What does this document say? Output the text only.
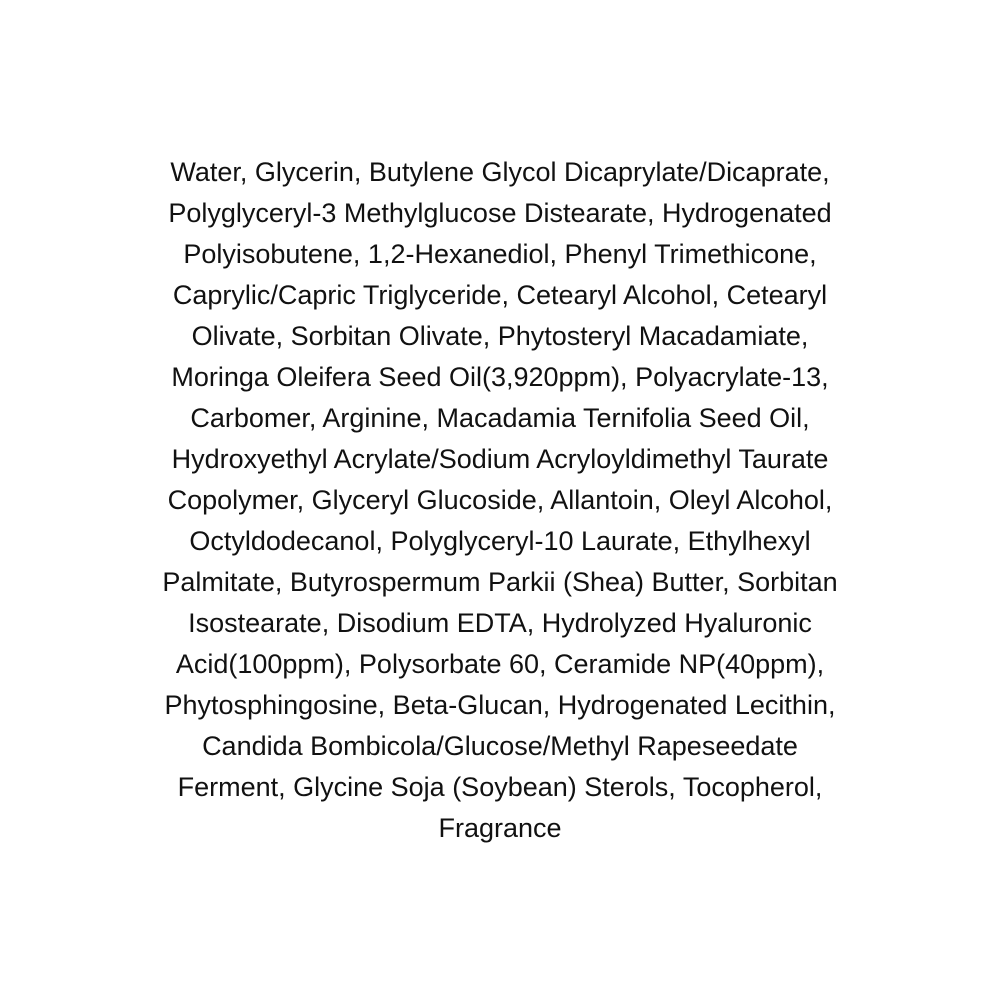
Water, Glycerin, Butylene Glycol Dicaprylate/Dicaprate,
Polyglyceryl-3 Methylglucose Distearate, Hydrogenated
Polyisobutene, 1,2-Hexanediol, Phenyl Trimethicone,
Caprylic/Capric Triglyceride, Cetearyl Alcohol, Cetearyl
Olivate, Sorbitan Olivate, Phytosteryl Macadamiate,
Moringa Oleifera Seed Oil(3,920ppm), Polyacrylate-13,
Carbomer, Arginine, Macadamia Ternifolia Seed Oil,
Hydroxyethyl Acrylate/Sodium Acryloyldimethyl Taurate
Copolymer, Glyceryl Glucoside, Allantoin, Oleyl Alcohol,
Octyldodecanol, Polyglyceryl-10 Laurate, Ethylhexyl
Palmitate, Butyrospermum Parkii (Shea) Butter, Sorbitan
Isostearate, Disodium EDTA, Hydrolyzed Hyaluronic
Acid(100ppm), Polysorbate 60, Ceramide NP(40ppm),
Phytosphingosine, Beta-Glucan, Hydrogenated Lecithin,
Candida Bombicola/Glucose/Methyl Rapeseedate
Ferment, Glycine Soja (Soybean) Sterols, Tocopherol,
Fragrance
